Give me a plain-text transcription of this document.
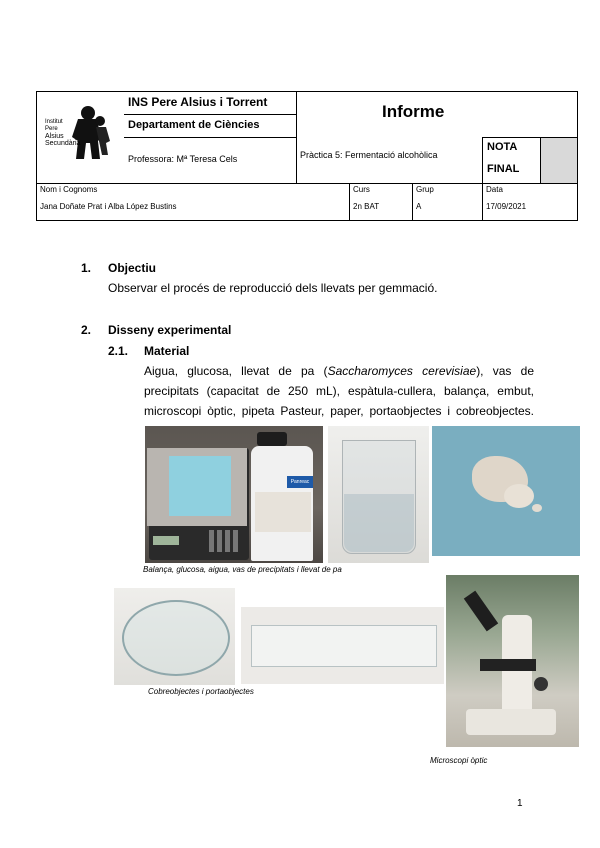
Institut
Pere
Alsius
Secundària
INS Pere Alsius i Torrent
Departament de Ciències
Professora: Mª Teresa Cels
Informe
Pràctica 5: Fermentació alcohòlica
NOTA
FINAL
Nom i Cognoms
Jana Doñate Prat i Alba López Bustins
Curs
2n BAT
Grup
A
Data
17/09/2021
1. Objectiu
Observar el procés de reproducció dels llevats per gemmació.
2. Disseny experimental
2.1. Material
Aigua, glucosa, llevat de pa (Saccharomyces cerevisiae), vas de
precipitats (capacitat de 250 mL), espàtula-cullera, balança, embut,
microscopi òptic, pipeta Pasteur, paper, portaobjectes i cobreobjectes.
Panreac
Balança, glucosa, aigua, vas de precipitats i llevat de pa
Cobreobjectes i portaobjectes
Microscopi òptic
1
